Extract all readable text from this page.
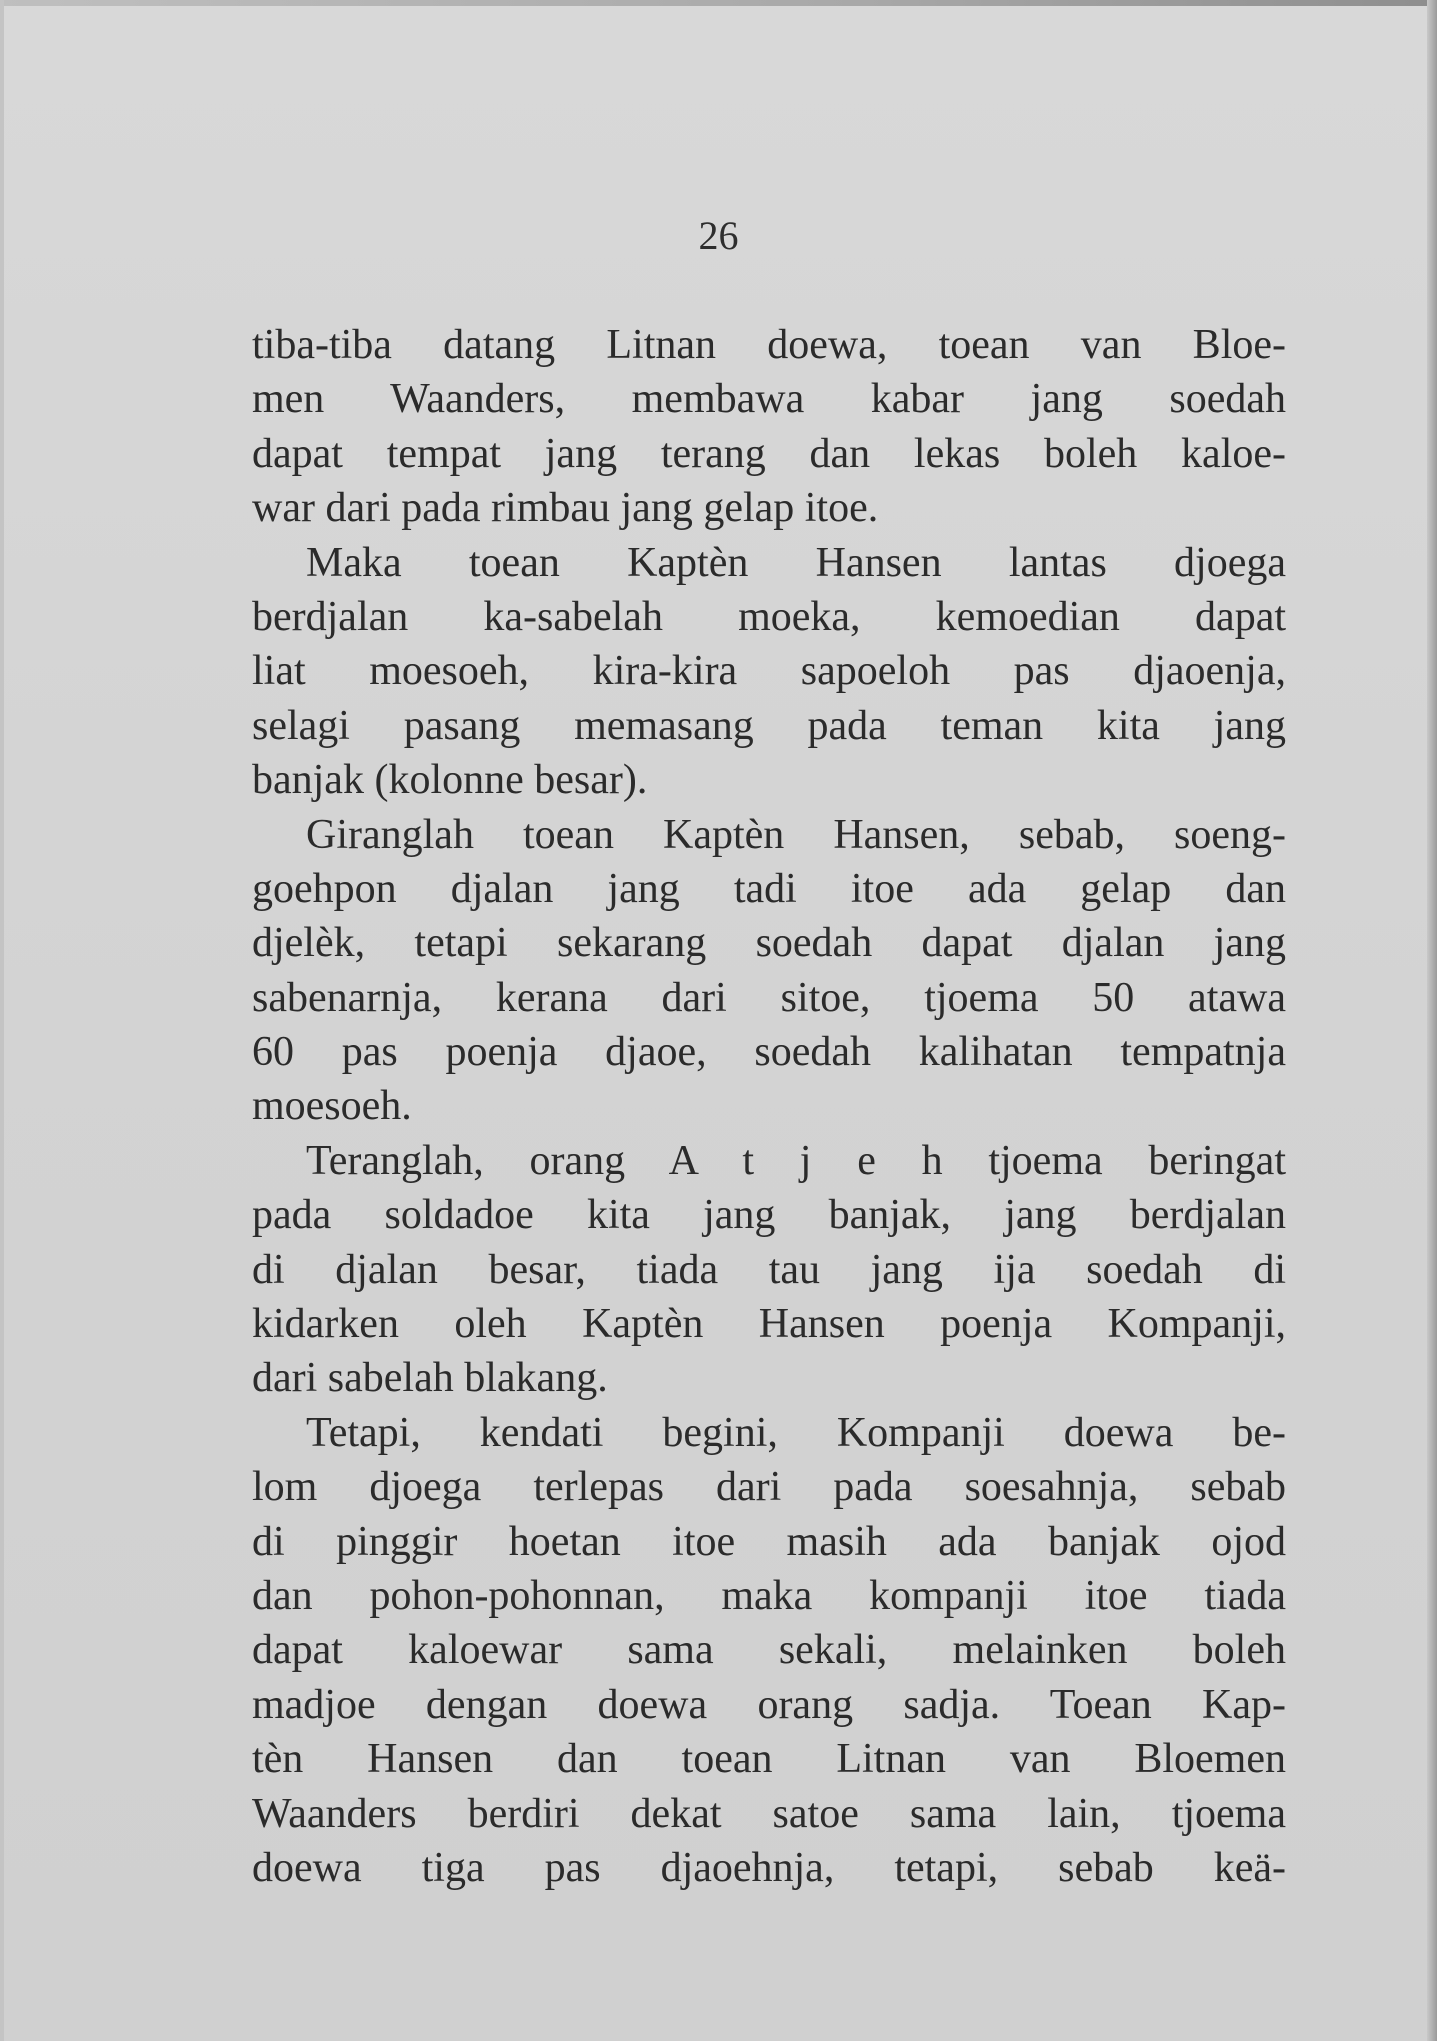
26
tiba-tiba datang Litnan doewa, toean van Bloe-
men Waanders, membawa kabar jang soedah
dapat tempat jang terang dan lekas boleh kaloe-
war dari pada rimbau jang gelap itoe.
Maka toean Kaptèn Hansen lantas djoega
berdjalan ka-sabelah moeka, kemoedian dapat
liat moesoeh, kira-kira sapoeloh pas djaoenja,
selagi pasang memasang pada teman kita jang
banjak (kolonne besar).
Giranglah toean Kaptèn Hansen, sebab, soeng-
goehpon djalan jang tadi itoe ada gelap dan
djelèk, tetapi sekarang soedah dapat djalan jang
sabenarnja, kerana dari sitoe, tjoema 50 atawa
60 pas poenja djaoe, soedah kalihatan tempatnja
moesoeh.
Teranglah, orang A t j e h tjoema beringat
pada soldadoe kita jang banjak, jang berdjalan
di djalan besar, tiada tau jang ija soedah di
kidarken oleh Kaptèn Hansen poenja Kompanji,
dari sabelah blakang.
Tetapi, kendati begini, Kompanji doewa be-
lom djoega terlepas dari pada soesahnja, sebab
di pinggir hoetan itoe masih ada banjak ojod
dan pohon-pohonnan, maka kompanji itoe tiada
dapat kaloewar sama sekali, melainken boleh
madjoe dengan doewa orang sadja. Toean Kap-
tèn Hansen dan toean Litnan van Bloemen
Waanders berdiri dekat satoe sama lain, tjoema
doewa tiga pas djaoehnja, tetapi, sebab keä-
